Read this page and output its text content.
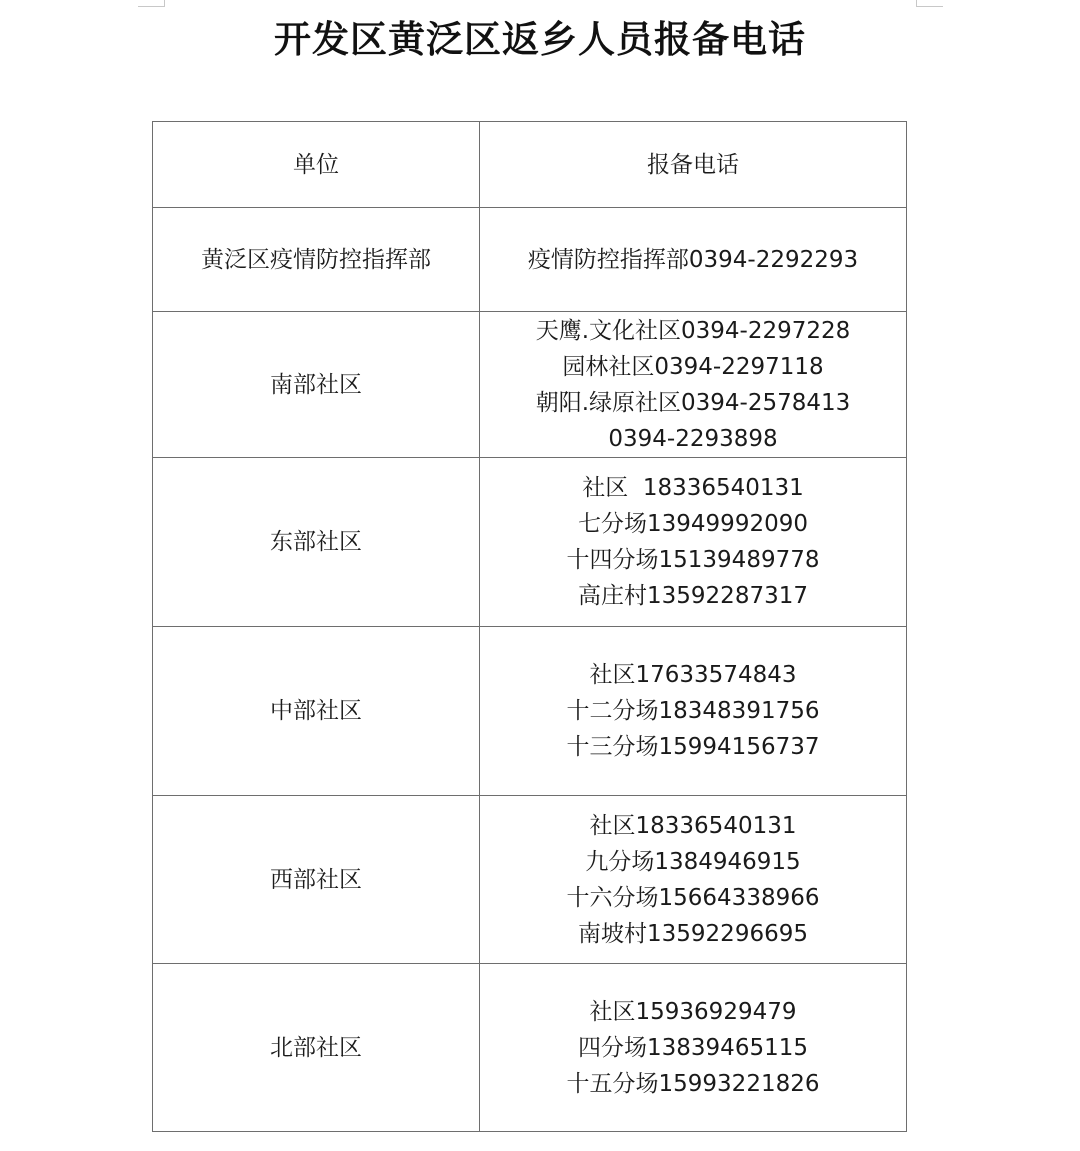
开发区黄泛区返乡人员报备电话
单位	报备电话
黄泛区疫情防控指挥部	疫情防控指挥部0394-2292293

南部社区	天鹰.文化社区0394-2297228
园林社区0394-2297118
朝阳.绿原社区0394-2578413
0394-2293898

东部社区	社区  18336540131
七分场13949992090
十四分场15139489778
高庄村13592287317

中部社区	社区17633574843
十二分场18348391756
十三分场15994156737

西部社区	社区18336540131
九分场1384946915
十六分场15664338966
南坡村13592296695

北部社区	社区15936929479
四分场13839465115
十五分场15993221826
